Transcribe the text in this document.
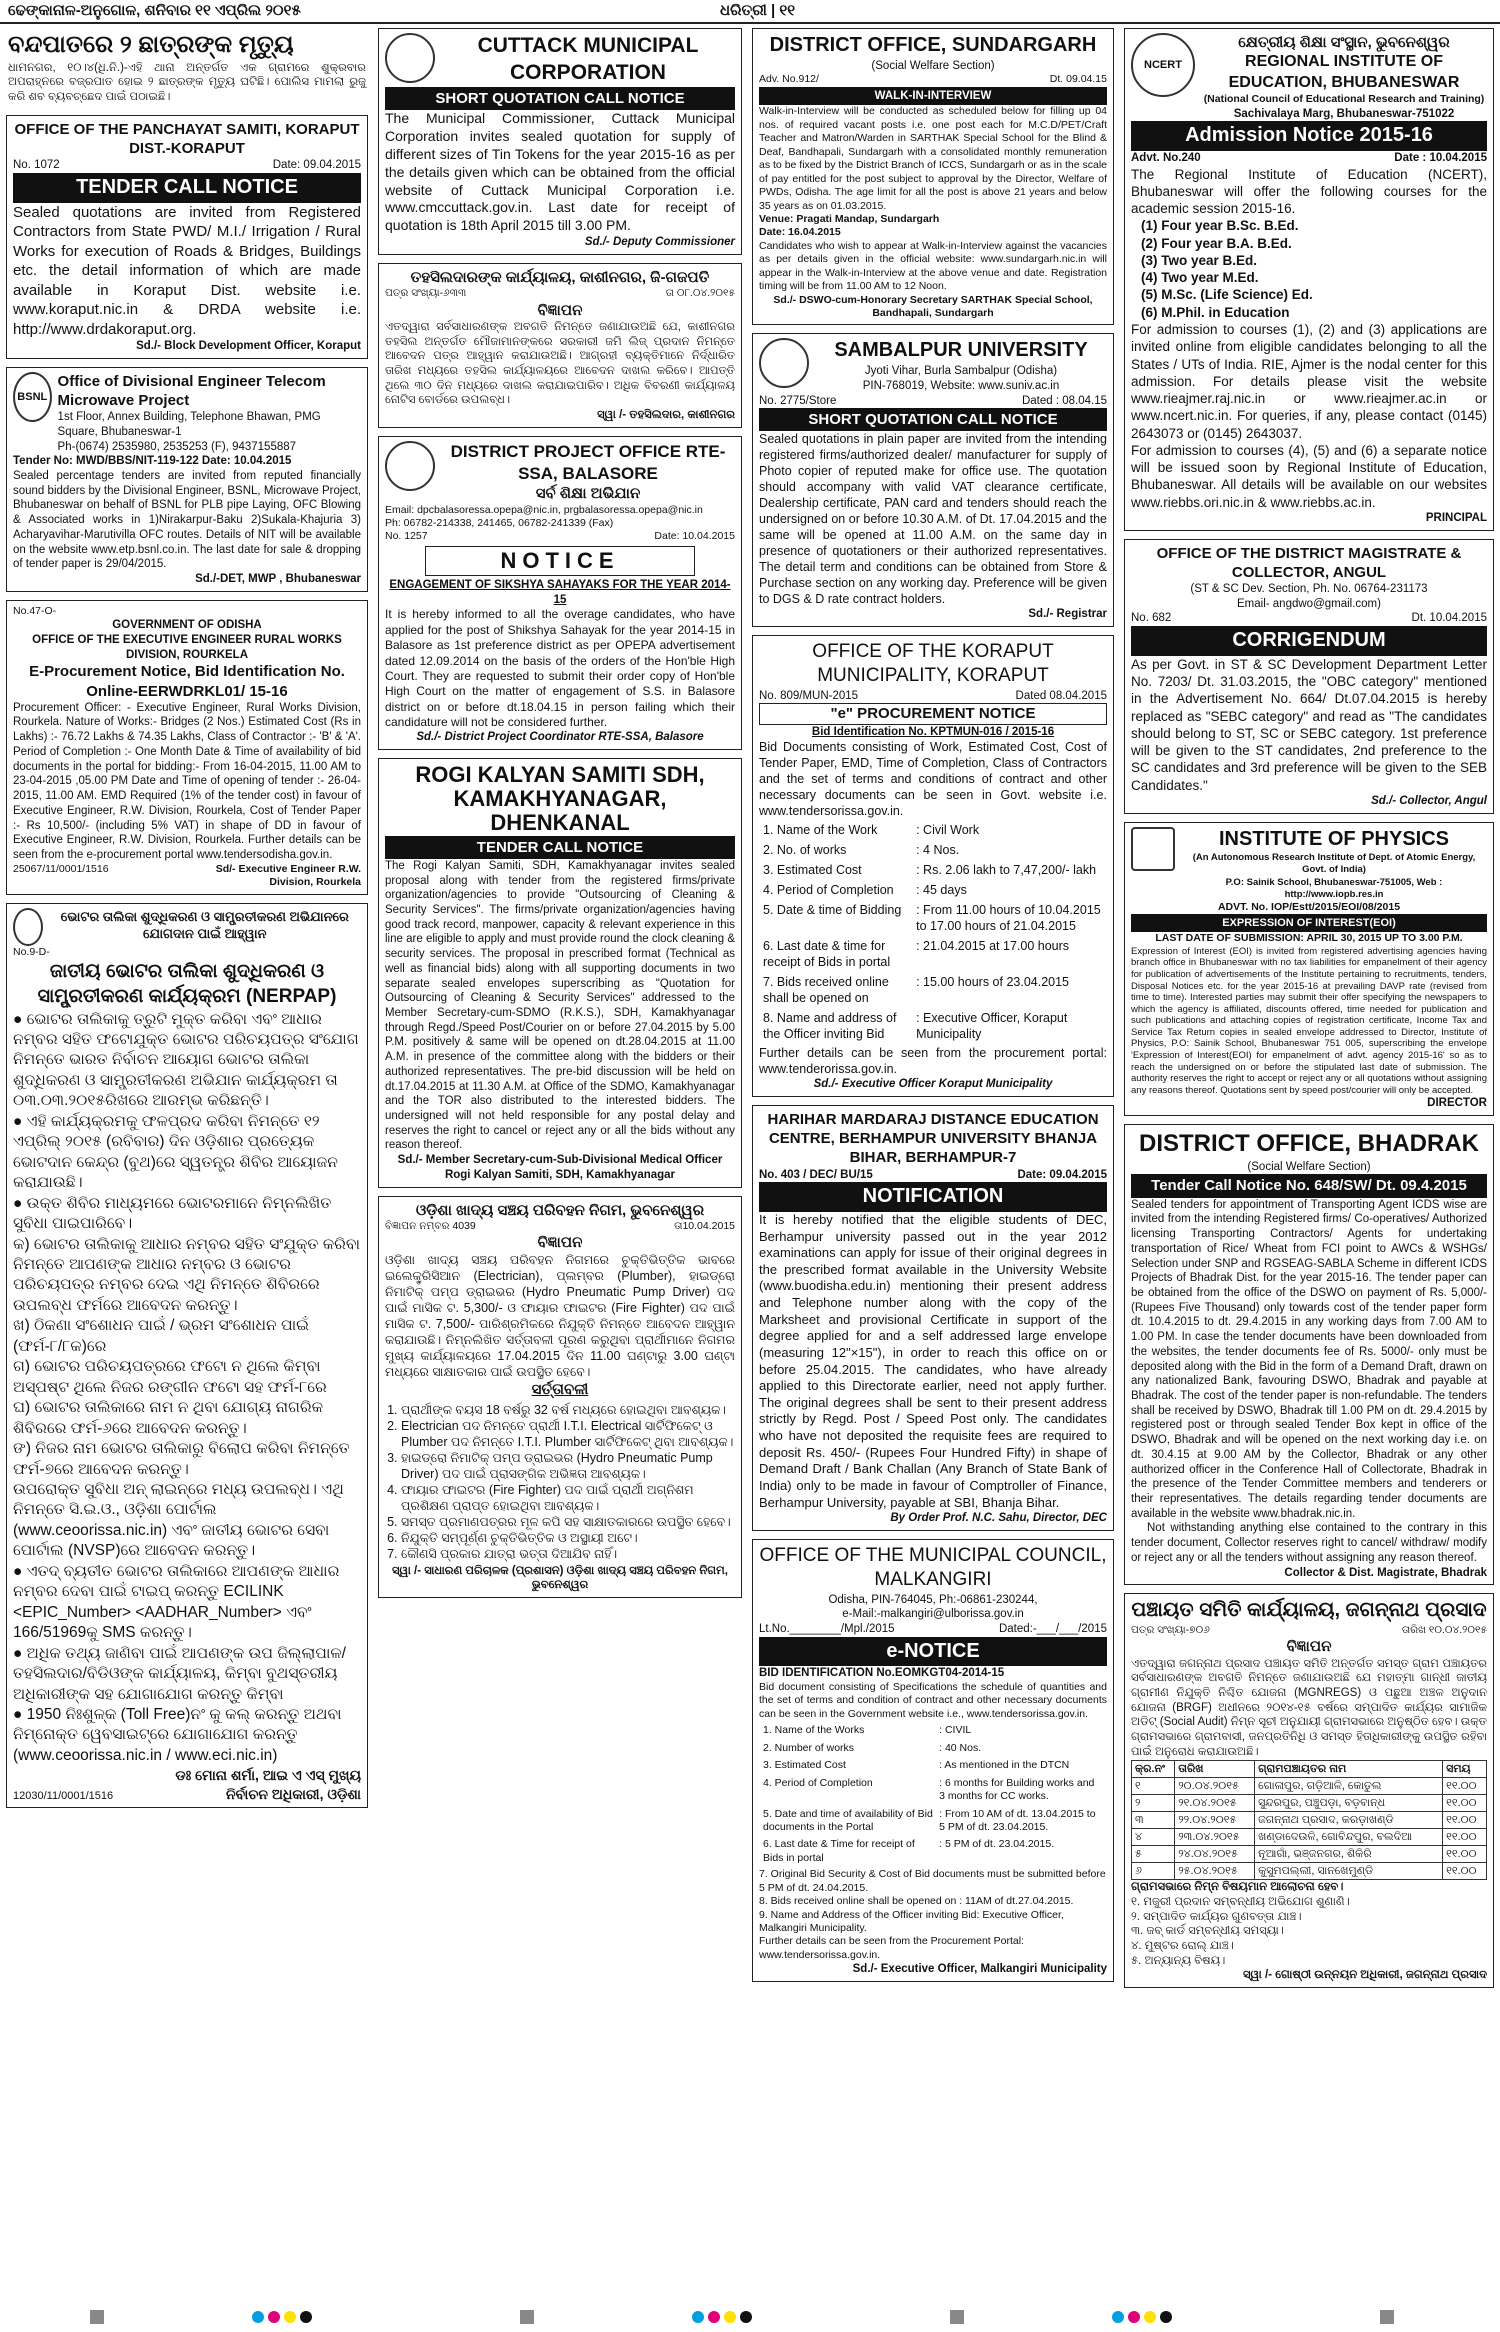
ଢେଙ୍କାନାଳ-ଅନୁଗୋଳ, ଶନିବାର ୧୧ ଏପ୍ରିଲ ୨୦୧୫	ଧରିତ୍ରୀ | ୧୧
ବନ୍ଦପାତରେ ୨ ଛାତ୍ରଙ୍କ ମୃତ୍ୟୁ
ଧାମନଗର, ୧୦।୪(ଧି.ନି.)-ଏହି ଥାନା ଅନ୍ତର୍ଗତ ଏକ ଗ୍ରାମରେ ଶୁକ୍ରବାର ଅପରାହ୍ନରେ ବଜ୍ରପାତ ହୋଇ ୨ ଛାତ୍ରଙ୍କ ମୃତ୍ୟୁ ଘଟିଛି। ପୋଲିସ ମାମଲା ରୁଜୁ କରି ଶବ ବ୍ୟବଚ୍ଛେଦ ପାଇଁ ପଠାଇଛି।
OFFICE OF THE PANCHAYAT SAMITI, KORAPUT DIST.-KORAPUT
No. 1072	Date: 09.04.2015
TENDER CALL NOTICE
Sealed quotations are invited from Registered Contractors from State PWD/ M.I./ Irrigation / Rural Works for execution of Roads & Bridges, Buildings etc. the detail information of which are made available in Koraput Dist. website i.e. www.koraput.nic.in & DRDA website i.e. http://www.drdakoraput.org.
Sd./- Block Development Officer, Koraput
BSNL
Office of Divisional Engineer Telecom Microwave Project
1st Floor, Annex Building, Telephone Bhawan, PMG Square, Bhubaneswar-1
Ph-(0674) 2535980, 2535253 (F), 9437155887
Tender No: MWD/BBS/NIT-119-122 Date: 10.04.2015
Sealed percentage tenders are invited from reputed financially sound bidders by the Divisional Engineer, BSNL, Microwave Project, Bhubaneswar on behalf of BSNL for PLB pipe Laying, OFC Blowing & Associated works in 1)Nirakarpur-Baku 2)Sukala-Khajuria 3) Acharyavihar-Marutivilla OFC routes. Details of NIT will be available on the website www.etp.bsnl.co.in. The last date for sale & dropping of tender paper is 29/04/2015.
Sd./-DET, MWP , Bhubaneswar
No.47-O-
GOVERNMENT OF ODISHA
OFFICE OF THE EXECUTIVE ENGINEER RURAL WORKS DIVISION, ROURKELA
E-Procurement Notice, Bid Identification No. Online-EERWDRKL01/ 15-16
Procurement Officer: - Executive Engineer, Rural Works Division, Rourkela. Nature of Works:- Bridges (2 Nos.) Estimated Cost (Rs in Lakhs) :- 76.72 Lakhs & 74.35 Lakhs, Class of Contractor :- 'B' & 'A'. Period of Completion :- One Month Date & Time of availability of bid documents in the portal for bidding:- From 16-04-2015, 11.00 AM to 23-04-2015 ,05.00 PM Date and Time of opening of tender :- 26-04-2015, 11.00 AM. EMD Required (1% of the tender cost) in favour of Executive Engineer, R.W. Division, Rourkela, Cost of Tender Paper :- Rs 10,500/- (including 5% VAT) in shape of DD in favour of Executive Engineer, R.W. Division, Rourkela. Further details can be seen from the e-procurement portal www.tendersodisha.gov.in.
25067/11/0001/1516	Sd/- Executive Engineer R.W. Division, Rourkela
ଭୋଟର ତାଲିକା ଶୁଦ୍ଧିକରଣ ଓ ସାମ୍ପ୍ରତୀକରଣ ଅଭିଯାନରେ ଯୋଗଦାନ ପାଇଁ ଆହ୍ୱାନ
No.9-D-
ଜାତୀୟ ଭୋଟର ତାଲିକା ଶୁଦ୍ଧିକରଣ ଓ ସାମ୍ପ୍ରତୀକରଣ କାର୍ଯ୍ୟକ୍ରମ (NERPAP)
● ଭୋଟର ତାଲିକାକୁ ତ୍ରୁଟି ମୁକ୍ତ କରିବା ଏବଂ ଆଧାର ନମ୍ବର ସହିତ ଫଟୋଯୁକ୍ତ ଭୋଟର ପରିଚୟପତ୍ର ସଂଯୋଗ ନିମନ୍ତେ ଭାରତ ନିର୍ବାଚନ ଆୟୋଗ ଭୋଟର ତାଲିକା ଶୁଦ୍ଧିକରଣ ଓ ସାମ୍ପ୍ରତୀକରଣ ଅଭିଯାନ କାର୍ଯ୍ୟକ୍ରମ ତା ୦୩.୦୩.୨୦୧୫ରିଖରେ ଆରମ୍ଭ କରିଛନ୍ତି।
● ଏହି କାର୍ଯ୍ୟକ୍ରମକୁ ଫଳପ୍ରଦ କରିବା ନିମନ୍ତେ ୧୨ ଏପ୍ରିଲ୍ ୨୦୧୫ (ରବିବାର) ଦିନ ଓଡ଼ିଶାର ପ୍ରତ୍ୟେକ ଭୋଟଦାନ କେନ୍ଦ୍ର (ବୁଥ)ରେ ସ୍ୱତନ୍ତ୍ର ଶିବିର ଆୟୋଜନ କରାଯାଉଛି।
● ଉକ୍ତ ଶିବିର ମାଧ୍ୟମରେ ଭୋଟରମାନେ ନିମ୍ନଲିଖିତ ସୁବିଧା ପାଇପାରିବେ।
କ) ଭୋଟର ତାଲିକାକୁ ଆଧାର ନମ୍ବର ସହିତ ସଂଯୁକ୍ତ କରିବା ନିମନ୍ତେ ଆପଣଙ୍କ ଆଧାର ନମ୍ବର ଓ ଭୋଟର ପରିଚୟପତ୍ର ନମ୍ବର ଦେଇ ଏଥି ନିମନ୍ତେ ଶିବିରରେ ଉପଲବ୍ଧ ଫର୍ମରେ ଆବେଦନ କରନ୍ତୁ।
ଖ) ଠିକଣା ସଂଶୋଧନ ପାଇଁ / ଭ୍ରମ ସଂଶୋଧନ ପାଇଁ (ଫର୍ମ-୮/୮କ)ରେ
ଗ) ଭୋଟର ପରିଚୟପତ୍ରରେ ଫଟୋ ନ ଥିଲେ କିମ୍ବା ଅସ୍ପଷ୍ଟ ଥିଲେ ନିଜର ରଙ୍ଗୀନ ଫଟୋ ସହ ଫର୍ମ-୮ରେ
ଘ) ଭୋଟର ତାଲିକାରେ ନାମ ନ ଥିବା ଯୋଗ୍ୟ ନାଗରିକ ଶିବିରରେ ଫର୍ମ-୬ରେ ଆବେଦନ କରନ୍ତୁ।
ଙ) ନିଜର ନାମ ଭୋଟର ତାଲିକାରୁ ବିଲୋପ କରିବା ନିମନ୍ତେ ଫର୍ମ-୭ରେ ଆବେଦନ କରନ୍ତୁ।
ଉପରୋକ୍ତ ସୁବିଧା ଅନ୍ ଲାଇନ୍‌ରେ ମଧ୍ୟ ଉପଲବ୍ଧ। ଏଥି ନିମନ୍ତେ ସି.ଇ.ଓ., ଓଡ଼ିଶା ପୋର୍ଟାଲ (www.ceoorissa.nic.in) ଏବଂ ଜାତୀୟ ଭୋଟର ସେବା ପୋର୍ଟାଲ (NVSP)ରେ ଆବେଦନ କରନ୍ତୁ।
● ଏତଦ୍ ବ୍ୟତୀତ ଭୋଟର ତାଲିକାରେ ଆପଣଙ୍କ ଆଧାର ନମ୍ବର ଦେବା ପାଇଁ ଟାଇପ୍ କରନ୍ତୁ ECILINK <EPIC_Number> <AADHAR_Number> ଏବଂ 166/51969କୁ SMS କରନ୍ତୁ।
● ଅଧିକ ତଥ୍ୟ ଜାଣିବା ପାଇଁ ଆପଣଙ୍କ ଉପ ଜିଲ୍ଲାପାଳ/ତହସିଲଦାର/ବିଡିଓଙ୍କ କାର୍ଯ୍ୟାଳୟ, କିମ୍ବା ବୁଥସ୍ତରୀୟ ଅଧିକାରୀଙ୍କ ସହ ଯୋଗାଯୋଗ କରନ୍ତୁ କିମ୍ବା
● 1950 ନିଃଶୁଳ୍କ (Toll Free)ନଂ କୁ କଲ୍ କରନ୍ତୁ ଅଥବା ନିମ୍ନୋକ୍ତ ୱେବସାଇଟ୍‌ରେ ଯୋଗାଯୋଗ କରନ୍ତୁ (www.ceoorissa.nic.in / www.eci.nic.in)
12030/11/0001/1516
ଡଃ ମୋନା ଶର୍ମା, ଆଇ ଏ ଏସ୍ ମୁଖ୍ୟ ନିର୍ବାଚନ ଅଧିକାରୀ, ଓଡ଼ିଶା
CUTTACK MUNICIPAL CORPORATION
SHORT QUOTATION CALL NOTICE
The Municipal Commissioner, Cuttack Municipal Corporation invites sealed quotation for supply of different sizes of Tin Tokens for the year 2015-16 as per the details given which can be obtained from the official website of Cuttack Municipal Corporation i.e. www.cmccuttack.gov.in. Last date for receipt of quotation is 18th April 2015 till 3.00 PM.
Sd./- Deputy Commissioner
ତହସିଲଦାରଙ୍କ କାର୍ଯ୍ୟାଳୟ, କାଶୀନଗର, ଜି-ଗଜପତି
ପତ୍ର ସଂଖ୍ୟା-୬୩୩	ତା ୦୮.୦୪.୨୦୧୫
ବିଜ୍ଞାପନ
ଏତଦ୍ୱାରା ସର୍ବସାଧାରଣଙ୍କ ଅବଗତି ନିମନ୍ତେ ଜଣାଯାଉଅଛି ଯେ, କାଶୀନଗର ତହସିଲ ଅନ୍ତର୍ଗତ ମୌଜାମାନଙ୍କରେ ସରକାରୀ ଜମି ଲିଜ୍ ପ୍ରଦାନ ନିମନ୍ତେ ଆବେଦନ ପତ୍ର ଆହ୍ୱାନ କରାଯାଉଅଛି। ଆଗ୍ରହୀ ବ୍ୟକ୍ତିମାନେ ନିର୍ଦ୍ଧାରିତ ତାରିଖ ମଧ୍ୟରେ ତହସିଲ କାର୍ଯ୍ୟାଳୟରେ ଆବେଦନ ଦାଖଲ କରିବେ। ଆପତ୍ତି ଥିଲେ ୩୦ ଦିନ ମଧ୍ୟରେ ଦାଖଲ କରାଯାଇପାରିବ। ଅଧିକ ବିବରଣୀ କାର୍ଯ୍ୟାଳୟ ନୋଟିସ ବୋର୍ଡରେ ଉପଲବ୍ଧ।
ସ୍ୱା /- ତହସିଲଦାର, କାଶୀନଗର
DISTRICT PROJECT OFFICE RTE-SSA, BALASORE
ସର୍ବ ଶିକ୍ଷା ଅଭିଯାନ
Email: dpcbalasoressa.opepa@nic.in, prgbalasoressa.opepa@nic.in
Ph: 06782-214338, 241465, 06782-241339 (Fax)
No. 1257	Date: 10.04.2015
NOTICE
ENGAGEMENT OF SIKSHYA SAHAYAKS FOR THE YEAR 2014-15
It is hereby informed to all the overage candidates, who have applied for the post of Shikshya Sahayak for the year 2014-15 in Balasore as 1st preference district as per OPEPA advertisement dated 12.09.2014 on the basis of the orders of the Hon'ble High Court. They are requested to submit their order copy of Hon'ble High Court on the matter of engagement of S.S. in Balasore district on or before dt.18.04.15 in person failing which their candidature will not be considered further.
Sd./- District Project Coordinator RTE-SSA, Balasore
ROGI KALYAN SAMITI SDH, KAMAKHYANAGAR, DHENKANAL
TENDER CALL NOTICE
The Rogi Kalyan Samiti, SDH, Kamakhyanagar invites sealed proposal along with tender from the registered firms/private organization/agencies to provide "Outsourcing of Cleaning & Security Services". The firms/private organization/agencies having good track record, manpower, capacity & relevant experience in this line are eligible to apply and must provide round the clock cleaning & security services. The proposal in prescribed format (Technical as well as financial bids) along with all supporting documents in two separate sealed envelopes superscribing as "Quotation for Outsourcing of Cleaning & Security Services" addressed to the Member Secretary-cum-SDMO (R.K.S.), SDH, Kamakhyanagar through Regd./Speed Post/Courier on or before 27.04.2015 by 5.00 P.M. positively & same will be opened on dt.28.04.2015 at 11.00 A.M. in presence of the committee along with the bidders or their authorized representatives. The pre-bid discussion will be held on dt.17.04.2015 at 11.30 A.M. at Office of the SDMO, Kamakhyanagar and the TOR also distributed to the interested bidders. The undersigned will not held responsible for any postal delay and reserves the right to cancel or reject any or all the bids without any reason thereof.
Sd./- Member Secretary-cum-Sub-Divisional Medical Officer Rogi Kalyan Samiti, SDH, Kamakhyanagar
ଓଡ଼ିଶା ଖାଦ୍ୟ ସଞ୍ଚୟ ପରିବହନ ନିଗମ, ଭୁବନେଶ୍ୱର
ବିଜ୍ଞାପନ ନମ୍ବର 4039	ତା10.04.2015
ବିଜ୍ଞାପନ
ଓଡ଼ିଶା ଖାଦ୍ୟ ସଞ୍ଚୟ ପରିବହନ ନିଗମରେ ଚୁକ୍ତିଭିତ୍ତିକ ଭାବରେ ଇଲେକ୍ଟ୍ରିସିଆନ (Electrician), ପ୍ଲମ୍ବର (Plumber), ହାଇଡ୍ରୋ ନିମାଟିକ୍ ପମ୍ପ ଡ୍ରାଇଭର (Hydro Pneumatic Pump Driver) ପଦ ପାଇଁ ମାସିକ ଟ. 5,300/- ଓ ଫାୟାର ଫାଇଟର (Fire Fighter) ପଦ ପାଇଁ ମାସିକ ଟ. 7,500/- ପାରିଶ୍ରମିକରେ ନିଯୁକ୍ତି ନିମନ୍ତେ ଆବେଦନ ଆହ୍ୱାନ କରାଯାଉଛି। ନିମ୍ନଲିଖିତ ସର୍ତ୍ତାବଳୀ ପୂରଣ କରୁଥିବା ପ୍ରାର୍ଥୀମାନେ ନିଗମର ମୁଖ୍ୟ କାର୍ଯ୍ୟାଳୟରେ 17.04.2015 ଦିନ 11.00 ଘଣ୍ଟାରୁ 3.00 ଘଣ୍ଟା ମଧ୍ୟରେ ସାକ୍ଷାତକାର ପାଇଁ ଉପସ୍ଥିତ ହେବେ।
ସର୍ତ୍ତାବଳୀ
1. ପ୍ରାର୍ଥୀଙ୍କ ବୟସ 18 ବର୍ଷରୁ 32 ବର୍ଷ ମଧ୍ୟରେ ହୋଇଥିବା ଆବଶ୍ୟକ।
2. Electrician ପଦ ନିମନ୍ତେ ପ୍ରାର୍ଥୀ I.T.I. Electrical ସାର୍ଟିଫିକେଟ୍ ଓ Plumber ପଦ ନିମନ୍ତେ I.T.I. Plumber ସାର୍ଟିଫିକେଟ୍ ଥିବା ଆବଶ୍ୟକ।
3. ହାଇଡ୍ରୋ ନିମାଟିକ୍ ପମ୍ପ ଡ୍ରାଇଭର (Hydro Pneumatic Pump Driver) ପଦ ପାଇଁ ପ୍ରାସଙ୍ଗିକ ଅଭିଜ୍ଞତା ଆବଶ୍ୟକ।
4. ଫାୟାର ଫାଇଟର (Fire Fighter) ପଦ ପାଇଁ ପ୍ରାର୍ଥୀ ଅଗ୍ନିଶମ ପ୍ରଶିକ୍ଷଣ ପ୍ରାପ୍ତ ହୋଇଥିବା ଆବଶ୍ୟକ।
5. ସମସ୍ତ ପ୍ରମାଣପତ୍ରର ମୂଳ କପି ସହ ସାକ୍ଷାତକାରରେ ଉପସ୍ଥିତ ହେବେ।
6. ନିଯୁକ୍ତି ସମ୍ପୂର୍ଣ୍ଣ ଚୁକ୍ତିଭିତ୍ତିକ ଓ ଅସ୍ଥାୟୀ ଅଟେ।
7. କୌଣସି ପ୍ରକାର ଯାତ୍ରା ଭତ୍ତା ଦିଆଯିବ ନାହିଁ।
ସ୍ୱା /- ସାଧାରଣ ପରିଚାଳକ (ପ୍ରଶାସନ) ଓଡ଼ିଶା ଖାଦ୍ୟ ସଞ୍ଚୟ ପରିବହନ ନିଗମ, ଭୁବନେଶ୍ୱର
DISTRICT OFFICE, SUNDARGARH
(Social Welfare Section)
Adv. No.912/	Dt. 09.04.15
WALK-IN-INTERVIEW
Walk-in-Interview will be conducted as scheduled below for filling up 04 nos. of required vacant posts i.e. one post each for M.C.D/PET/Craft Teacher and Matron/Warden in SARTHAK Special School for the Blind & Deaf, Bandhapali, Sundargarh with a consolidated monthly remuneration as to be fixed by the District Branch of ICCS, Sundargarh or as in the scale of pay entitled for the post subject to approval by the Director, Welfare of PWDs, Odisha. The age limit for all the post is above 21 years and below 35 years as on 01.03.2015.
Venue: Pragati Mandap, Sundargarh
Date: 16.04.2015
Candidates who wish to appear at Walk-in-Interview against the vacancies as per details given in the official website: www.sundargarh.nic.in will appear in the Walk-in-Interview at the above venue and date. Registration timing will be from 11.00 AM to 12 Noon.
Sd./- DSWO-cum-Honorary Secretary SARTHAK Special School, Bandhapali, Sundargarh
SAMBALPUR UNIVERSITY
Jyoti Vihar, Burla Sambalpur (Odisha)
PIN-768019, Website: www.suniv.ac.in
No. 2775/Store	Dated : 08.04.15
SHORT QUOTATION CALL NOTICE
Sealed quotations in plain paper are invited from the intending registered firms/authorized dealer/ manufacturer for supply of Photo copier of reputed make for office use. The quotation should accompany with valid VAT clearance certificate, Dealership certificate, PAN card and tenders should reach the undersigned on or before 10.30 A.M. of Dt. 17.04.2015 and the same will be opened at 11.00 A.M. on the same day in presence of quotationers or their authorized representatives. The detail term and conditions can be obtained from Store & Purchase section on any working day. Preference will be given to DGS & D rate contract holders.
Sd./- Registrar
OFFICE OF THE KORAPUT MUNICIPALITY, KORAPUT
No. 809/MUN-2015	Dated 08.04.2015
"e" PROCUREMENT NOTICE
Bid Identification No. KPTMUN-016 / 2015-16
Bid Documents consisting of Work, Estimated Cost, Cost of Tender Paper, EMD, Time of Completion, Class of Contractors and the set of terms and conditions of contract and other necessary documents can be seen in Govt. website i.e. www.tendersorissa.gov.in.
1. Name of the Work	: Civil Work
2. No. of works	: 4 Nos.
3. Estimated Cost	: Rs. 2.06 lakh to 7,47,200/- lakh
4. Period of Completion	: 45 days
5. Date & time of Bidding	: From 11.00 hours of 10.04.2015 to 17.00 hours of 21.04.2015
6. Last date & time for receipt of Bids in portal	: 21.04.2015 at 17.00 hours
7. Bids received online shall be opened on	: 15.00 hours of 23.04.2015
8. Name and address of the Officer inviting Bid	: Executive Officer, Koraput Municipality
Further details can be seen from the procurement portal: www.tenderorissa.gov.in.
Sd./- Executive Officer Koraput Municipality
HARIHAR MARDARAJ DISTANCE EDUCATION CENTRE, BERHAMPUR UNIVERSITY BHANJA BIHAR, BERHAMPUR-7
No. 403 / DEC/ BU/15	Date: 09.04.2015
NOTIFICATION
It is hereby notified that the eligible students of DEC, Berhampur university passed out in the year 2012 examinations can apply for issue of their original degrees in the prescribed format available in the University Website (www.buodisha.edu.in) mentioning their present address and Telephone number along with the copy of the Marksheet and provisional Certificate in support of the degree applied for and a self addressed large envelope (measuring 12"×15"), in order to reach this office on or before 25.04.2015. The candidates, who have already applied to this Directorate earlier, need not apply further. The original degrees shall be sent to their present address strictly by Regd. Post / Speed Post only. The candidates who have not deposited the requisite fees are required to deposit Rs. 450/- (Rupees Four Hundred Fifty) in shape of Demand Draft / Bank Challan (Any Branch of State Bank of India) only to be made in favour of Comptroller of Finance, Berhampur University, payable at SBI, Bhanja Bihar.
By Order Prof. N.C. Sahu, Director, DEC
OFFICE OF THE MUNICIPAL COUNCIL, MALKANGIRI
Odisha, PIN-764045, Ph:-06861-230244,
e-Mail:-malkangiri@ulborissa.gov.in
Lt.No.________/Mpl./2015	Dated:-___/___/2015
e-NOTICE
BID IDENTIFICATION No.EOMKGT04-2014-15
Bid document consisting of Specifications the schedule of quantities and the set of terms and condition of contract and other necessary documents can be seen in the Government website i.e., www.tendersorissa.gov.in.
1. Name of the Works	: CIVIL
2. Number of works	: 40 Nos.
3. Estimated Cost	: As mentioned in the DTCN
4. Period of Completion	: 6 months for Building works and 3 months for CC works.
5. Date and time of availability of Bid documents in the Portal	: From 10 AM of dt. 13.04.2015 to 5 PM of dt. 23.04.2015.
6. Last date & Time for receipt of Bids in portal	: 5 PM of dt. 23.04.2015.
7. Original Bid Security & Cost of Bid documents must be submitted before 5 PM of dt. 24.04.2015.
8. Bids received online shall be opened on : 11AM of dt.27.04.2015.
9. Name and Address of the Officer inviting Bid: Executive Officer, Malkangiri Municipality.
Further details can be seen from the Procurement Portal: www.tendersorissa.gov.in.
Sd./- Executive Officer, Malkangiri Municipality
NCERT
କ୍ଷେତ୍ରୀୟ ଶିକ୍ଷା ସଂସ୍ଥାନ, ଭୁବନେଶ୍ୱର
REGIONAL INSTITUTE OF EDUCATION, BHUBANESWAR
(National Council of Educational Research and Training)
Sachivalaya Marg, Bhubaneswar-751022
Admission Notice 2015-16
Advt. No.240	Date : 10.04.2015
The Regional Institute of Education (NCERT), Bhubaneswar will offer the following courses for the academic session 2015-16.
(1) Four year B.Sc. B.Ed.
(2) Four year B.A. B.Ed.
(3) Two year B.Ed.
(4) Two year M.Ed.
(5) M.Sc. (Life Science) Ed.
(6) M.Phil. in Education
For admission to courses (1), (2) and (3) applications are invited online from eligible candidates belonging to all the States / UTs of India. RIE, Ajmer is the nodal center for this admission. For details please visit the website www.rieajmer.raj.nic.in or www.rieajmer.ac.in or www.ncert.nic.in. For queries, if any, please contact (0145) 2643073 or (0145) 2643037.
For admission to courses (4), (5) and (6) a separate notice will be issued soon by Regional Institute of Education, Bhubaneswar. All details will be available on our websites www.riebbs.ori.nic.in & www.riebbs.ac.in.
PRINCIPAL
OFFICE OF THE DISTRICT MAGISTRATE & COLLECTOR, ANGUL
(ST & SC Dev. Section, Ph. No. 06764-231173
Email- angdwo@gmail.com)
No. 682	Dt. 10.04.2015
CORRIGENDUM
As per Govt. in ST & SC Development Department Letter No. 7203/ Dt. 31.03.2015, the "OBC category" mentioned in the Advertisement No. 664/ Dt.07.04.2015 is hereby replaced as "SEBC category" and read as "The candidates should belong to ST, SC or SEBC category. 1st preference will be given to the ST candidates, 2nd preference to the SC candidates and 3rd preference will be given to the SEB Candidates."
Sd./- Collector, Angul
INSTITUTE OF PHYSICS
(An Autonomous Research Institute of Dept. of Atomic Energy, Govt. of India)
P.O: Sainik School, Bhubaneswar-751005, Web : http://www.iopb.res.in
ADVT. No. IOP/Estt/2015/EOI/08/2015
EXPRESSION OF INTEREST(EOI)
LAST DATE OF SUBMISSION: APRIL 30, 2015 UP TO 3.00 P.M.
Expression of Interest (EOI) is invited from registered advertising agencies having branch office in Bhubaneswar with no tax liabilities for empanelment of their agency for publication of advertisements of the Institute pertaining to recruitments, tenders, Disposal Notices etc. for the year 2015-16 at prevailing DAVP rate (revised from time to time). Interested parties may submit their offer specifying the newspapers to which the agency is affiliated, discounts offered, time needed for publication and such publications and attaching copies of registration certificate, Income Tax and Service Tax Return copies in sealed envelope addressed to Director, Institute of Physics, P.O: Sainik School, Bhubaneswar 751 005, superscribing the envelope 'Expression of Interest(EOI) for empanelment of advt. agency 2015-16' so as to reach the undersigned on or before the stipulated last date of submission. The authority reserves the right to accept or reject any or all quotations without assigning any reasons thereof. Quotations sent by speed post/courier will only be accepted.
DIRECTOR
DISTRICT OFFICE, BHADRAK
(Social Welfare Section)
Tender Call Notice No. 648/SW/ Dt. 09.4.2015
Sealed tenders for appointment of Transporting Agent ICDS wise are invited from the intending Registered firms/ Co-operatives/ Authorized licensing Transporting Contractors/ Agents for undertaking transportation of Rice/ Wheat from FCI point to AWCs & WSHGs/ Selection under SNP and RGSEAG-SABLA Scheme in different ICDS Projects of Bhadrak Dist. for the year 2015-16. The tender paper can be obtained from the office of the DSWO on payment of Rs. 5,000/- (Rupees Five Thousand) only towards cost of the tender paper form dt. 10.4.2015 to dt. 29.4.2015 in any working days from 7.00 AM to 1.00 PM. In case the tender documents have been downloaded from the websites, the tender documents fee of Rs. 5000/- only must be deposited along with the Bid in the form of a Demand Draft, drawn on any nationalized Bank, favouring DSWO, Bhadrak and payable at Bhadrak. The cost of the tender paper is non-refundable. The tenders shall be received by DSWO, Bhadrak till 1.00 PM on dt. 29.4.2015 by registered post or through sealed Tender Box kept in office of the DSWO, Bhadrak and will be opened on the next working day i.e. on dt. 30.4.15 at 9.00 AM by the Collector, Bhadrak or any other authorized officer in the Conference Hall of Collectorate, Bhadrak in the presence of the Tender Committee members and tenderers or their representatives. The details regarding tender documents are available in the website www.bhadrak.nic.in.
Not withstanding anything else contained to the contrary in this tender document, Collector reserves right to cancel/ withdraw/ modify or reject any or all the tenders without assigning any reason thereof.
Collector & Dist. Magistrate, Bhadrak
ପଞ୍ଚାୟତ ସମିତି କାର୍ଯ୍ୟାଳୟ, ଜଗନ୍ନାଥ ପ୍ରସାଦ
ପତ୍ର ସଂଖ୍ୟା-୭୦୬	ତାରିଖ ୧୦.୦୪.୨୦୧୫
ବିଜ୍ଞାପନ
ଏତଦ୍ୱାରା ଜଗନ୍ନାଥ ପ୍ରସାଦ ପଞ୍ଚାୟତ ସମିତି ଅନ୍ତର୍ଗତ ସମସ୍ତ ଗ୍ରାମ ପଞ୍ଚାୟତର ସର୍ବସାଧାରଣଙ୍କ ଅବଗତି ନିମନ୍ତେ ଜଣାଯାଉଅଛି ଯେ ମହାତ୍ମା ଗାନ୍ଧୀ ଜାତୀୟ ଗ୍ରାମୀଣ ନିଯୁକ୍ତି ନିଶ୍ଚିତ ଯୋଜନା (MGNREGS) ଓ ପଛୁଆ ଅଞ୍ଚଳ ଅନୁଦାନ ଯୋଜନା (BRGF) ଅଧୀନରେ ୨୦୧୪-୧୫ ବର୍ଷରେ ସମ୍ପାଦିତ କାର୍ଯ୍ୟର ସାମାଜିକ ଅଡିଟ୍ (Social Audit) ନିମ୍ନ ସୂଚୀ ଅନୁଯାୟୀ ଗ୍ରାମସଭାରେ ଅନୁଷ୍ଠିତ ହେବ। ଉକ୍ତ ଗ୍ରାମସଭାରେ ଗ୍ରାମବାସୀ, ଜନପ୍ରତିନିଧି ଓ ସମସ୍ତ ହିତାଧିକାରୀଙ୍କୁ ଉପସ୍ଥିତ ରହିବା ପାଇଁ ଅନୁରୋଧ କରାଯାଉଅଛି।
କ୍ର.ନଂ	ତାରିଖ	ଗ୍ରାମପଞ୍ଚାୟତର ନାମ	ସମୟ
୧	୨୦.୦୪.୨୦୧୫	ଗୋଳାପୁର, ଗଡ଼ିଆଳି, କୋତୁଲ	୧୧.୦୦
୨	୨୧.୦୪.୨୦୧୫	ସୁନ୍ଦରପୁର, ପଞ୍ଚୁପଡ଼ା, ବଡ଼ବାନ୍ଧ	୧୧.୦୦
୩	୨୨.୦୪.୨୦୧୫	ଜଗନ୍ନାଥ ପ୍ରସାଦ, କରଡ଼ାଖଣ୍ଡି	୧୧.୦୦
୪	୨୩.୦୪.୨୦୧୫	ଖଣ୍ଡାଦେଉଳି, ଗୋବିନ୍ଦପୁର, ବଲଦିଆ	୧୧.୦୦
୫	୨୪.୦୪.୨୦୧୫	ନୂଆଗାଁ, ଭଞ୍ଜନଗର, ଶିକିରି	୧୧.୦୦
୬	୨୫.୦୪.୨୦୧୫	କୁସୁମପଲ୍ଲୀ, ସାନଖେମୁଣ୍ଡି	୧୧.୦୦
ଗ୍ରାମସଭାରେ ନିମ୍ନ ବିଷୟମାନ ଆଲୋଚନା ହେବ।
୧. ମଜୁରୀ ପ୍ରଦାନ ସମ୍ବନ୍ଧୀୟ ଅଭିଯୋଗ ଶୁଣାଣି।
୨. ସମ୍ପାଦିତ କାର୍ଯ୍ୟର ଗୁଣବତ୍ତା ଯାଞ୍ଚ।
୩. ଜବ୍ କାର୍ଡ ସମ୍ବନ୍ଧୀୟ ସମସ୍ୟା।
୪. ମୁଷ୍ଟର ରୋଲ୍ ଯାଞ୍ଚ।
୫. ଅନ୍ୟାନ୍ୟ ବିଷୟ।
ସ୍ୱା /- ଗୋଷ୍ଠୀ ଉନ୍ନୟନ ଅଧିକାରୀ, ଜଗନ୍ନାଥ ପ୍ରସାଦ
